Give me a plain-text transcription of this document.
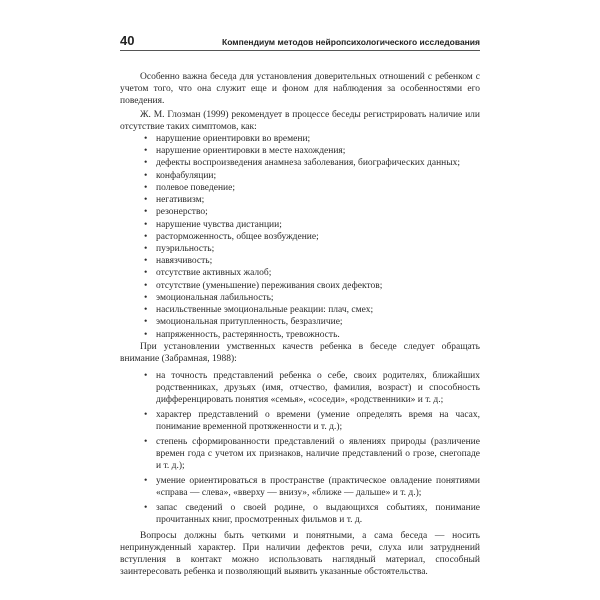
40	Компендиум методов нейропсихологического исследования

Особенно важна беседа для установления доверительных отношений с ребенком с учетом того, что она служит еще и фоном для наблюдения за особенностями его поведения.

Ж. М. Глозман (1999) рекомендует в процессе беседы регистрировать наличие или отсутствие таких симптомов, как:

• нарушение ориентировки во времени;
• нарушение ориентировки в месте нахождения;
• дефекты воспроизведения анамнеза заболевания, биографических данных;
• конфабуляции;
• полевое поведение;
• негативизм;
• резонерство;
• нарушение чувства дистанции;
• расторможенность, общее возбуждение;
• пуэрильность;
• навязчивость;
• отсутствие активных жалоб;
• отсутствие (уменьшение) переживания своих дефектов;
• эмоциональная лабильность;
• насильственные эмоциональные реакции: плач, смех;
• эмоциональная притупленность, безразличие;
• напряженность, растерянность, тревожность.

При установлении умственных качеств ребенка в беседе следует обращать внимание (Забрамная, 1988):

• на точность представлений ребенка о себе, своих родителях, ближайших родственниках, друзьях (имя, отчество, фамилия, возраст) и способность дифференцировать понятия «семья», «соседи», «родственники» и т. д.;
• характер представлений о времени (умение определять время на часах, понимание временной протяженности и т. д.);
• степень сформированности представлений о явлениях природы (различение времен года с учетом их признаков, наличие представлений о грозе, снегопаде и т. д.);
• умение ориентироваться в пространстве (практическое овладение понятиями «справа — слева», «вверху — внизу», «ближе — дальше» и т. д.);
• запас сведений о своей родине, о выдающихся событиях, понимание прочитанных книг, просмотренных фильмов и т. д.

Вопросы должны быть четкими и понятными, а сама беседа — носить непринужденный характер. При наличии дефектов речи, слуха или затруднений вступления в контакт можно использовать наглядный материал, способный заинтересовать ребенка и позволяющий выявить указанные обстоятельства.
